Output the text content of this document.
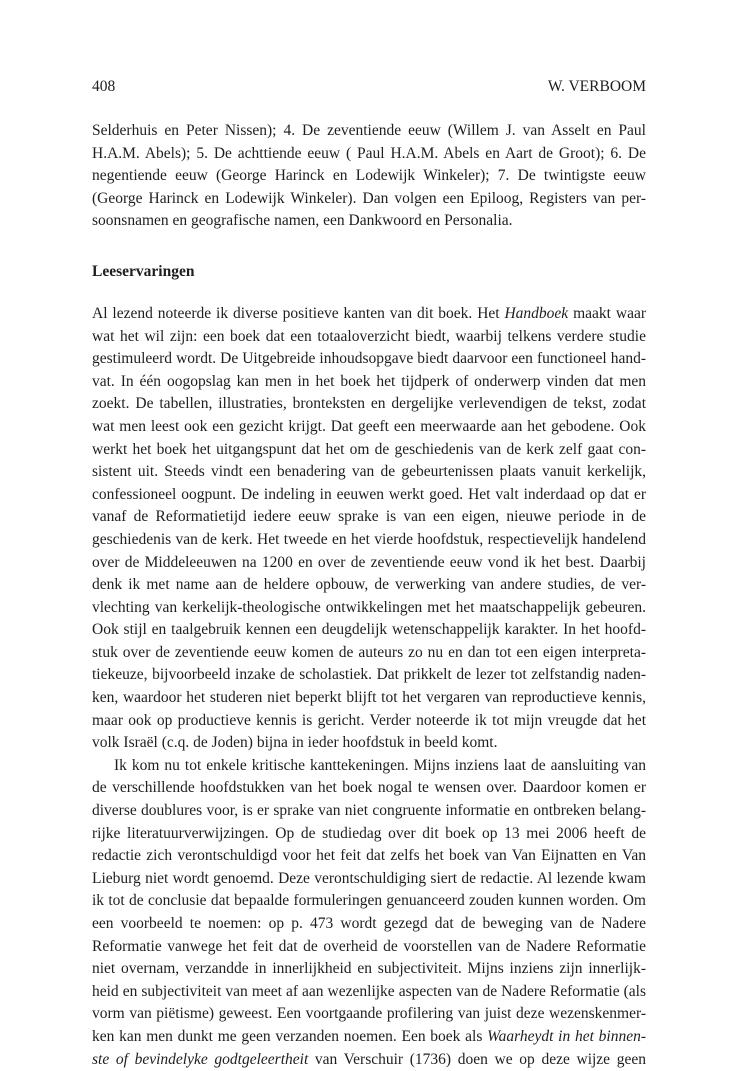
408	W. VERBOOM
Selderhuis en Peter Nissen); 4. De zeventiende eeuw (Willem J. van Asselt en Paul
H.A.M. Abels); 5. De achttiende eeuw ( Paul H.A.M. Abels en Aart de Groot); 6. De
negentiende eeuw (George Harinck en Lodewijk Winkeler); 7. De twintigste eeuw
(George Harinck en Lodewijk Winkeler). Dan volgen een Epiloog, Registers van per-
soonsnamen en geografische namen, een Dankwoord en Personalia.
Leeservaringen
Al lezend noteerde ik diverse positieve kanten van dit boek. Het Handboek maakt waar
wat het wil zijn: een boek dat een totaaloverzicht biedt, waarbij telkens verdere studie
gestimuleerd wordt. De Uitgebreide inhoudsopgave biedt daarvoor een functioneel hand-
vat. In één oogopslag kan men in het boek het tijdperk of onderwerp vinden dat men
zoekt. De tabellen, illustraties, bronteksten en dergelijke verlevendigen de tekst, zodat
wat men leest ook een gezicht krijgt. Dat geeft een meerwaarde aan het gebodene. Ook
werkt het boek het uitgangspunt dat het om de geschiedenis van de kerk zelf gaat con-
sistent uit. Steeds vindt een benadering van de gebeurtenissen plaats vanuit kerkelijk,
confessioneel oogpunt. De indeling in eeuwen werkt goed. Het valt inderdaad op dat er
vanaf de Reformatietijd iedere eeuw sprake is van een eigen, nieuwe periode in de
geschiedenis van de kerk. Het tweede en het vierde hoofdstuk, respectievelijk handelend
over de Middeleeuwen na 1200 en over de zeventiende eeuw vond ik het best. Daarbij
denk ik met name aan de heldere opbouw, de verwerking van andere studies, de ver-
vlechting van kerkelijk-theologische ontwikkelingen met het maatschappelijk gebeuren.
Ook stijl en taalgebruik kennen een deugdelijk wetenschappelijk karakter. In het hoofd-
stuk over de zeventiende eeuw komen de auteurs zo nu en dan tot een eigen interpreta-
tiekeuze, bijvoorbeeld inzake de scholastiek. Dat prikkelt de lezer tot zelfstandig naden-
ken, waardoor het studeren niet beperkt blijft tot het vergaren van reproductieve kennis,
maar ook op productieve kennis is gericht. Verder noteerde ik tot mijn vreugde dat het
volk Israël (c.q. de Joden) bijna in ieder hoofdstuk in beeld komt.
Ik kom nu tot enkele kritische kanttekeningen. Mijns inziens laat de aansluiting van
de verschillende hoofdstukken van het boek nogal te wensen over. Daardoor komen er
diverse doublures voor, is er sprake van niet congruente informatie en ontbreken belang-
rijke literatuurverwijzingen. Op de studiedag over dit boek op 13 mei 2006 heeft de
redactie zich verontschuldigd voor het feit dat zelfs het boek van Van Eijnatten en Van
Lieburg niet wordt genoemd. Deze verontschuldiging siert de redactie. Al lezende kwam
ik tot de conclusie dat bepaalde formuleringen genuanceerd zouden kunnen worden. Om
een voorbeeld te noemen: op p. 473 wordt gezegd dat de beweging van de Nadere
Reformatie vanwege het feit dat de overheid de voorstellen van de Nadere Reformatie
niet overnam, verzandde in innerlijkheid en subjectiviteit. Mijns inziens zijn innerlijk-
heid en subjectiviteit van meet af aan wezenlijke aspecten van de Nadere Reformatie (als
vorm van piëtisme) geweest. Een voortgaande profilering van juist deze wezenskenmer-
ken kan men dunkt me geen verzanden noemen. Een boek als Waarheydt in het binnen-
ste of bevindelyke godtgeleertheit van Verschuir (1736) doen we op deze wijze geen
